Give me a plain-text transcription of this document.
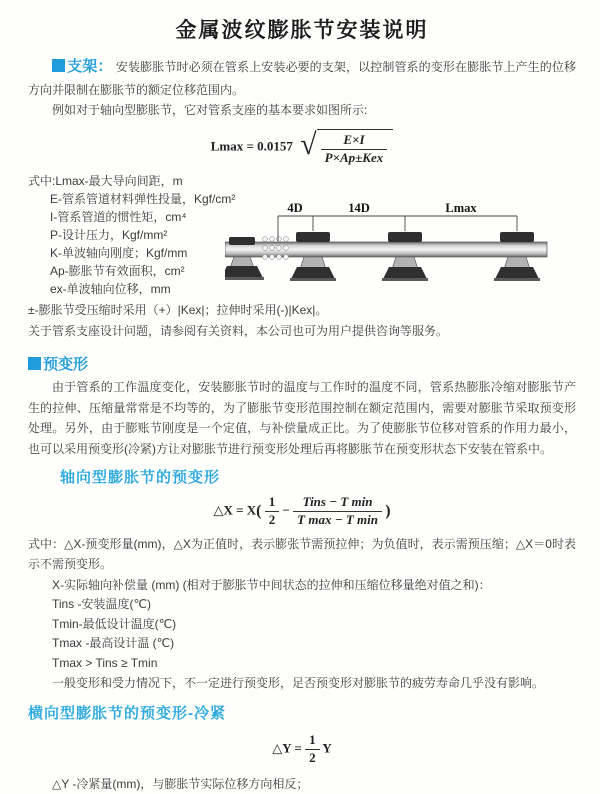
金属波纹膨胀节安装说明
支架： 安装膨胀节时必须在管系上安装必要的支架，以控制管系的变形在膨胀节上产生的位移方向并限制在膨胀节的额定位移范围内。
例如对于轴向型膨胀节，它对管系支座的基本要求如图所示:
Lmax = 0.0157 √ $\frac{E\times I}{\text{P×Ap±Kex}}$
式中:Lmax-最大导向间距，m
E-管系管道材料弹性投量，Kgf/cm²
I-管系管道的惯性矩，cm⁴
P-设计压力，Kgf/mm²
K-单波轴向刚度；Kgf/mm
Ap-膨胀节有效面积，cm²
ex-单波轴向位移，mm
4D	14D	Lmax
±-膨胀节受压缩时采用（+）|Kex|；拉伸时采用(-)|Kex|。
关于管系支座设计问题，请参阅有关资料，本公司也可为用户提供咨询等服务。
预变形
由于管系的工作温度变化，安装膨胀节时的温度与工作时的温度不同，管系热膨胀冷缩对膨胀节产生的拉伸、压缩量常常是不均等的，为了膨胀节变形范围控制在额定范围内，需要对膨胀节采取预变形处理。另外，由于膨账节刚度是一个定值，与补偿量成正比。为了使膨胀节位移对管系的作用力最小，也可以采用预变形(冷紧)方让对膨胀节进行预变形处理后再将膨胀节在预变形状态下安装在管系中。
轴向型膨胀节的预变形
△X = $X( \frac{1}{2} - \frac{\text{Tins − T min}}{\text{T max − T min}}$ )
式中：△X-预变形量(mm)，△X为正值时，表示膨张节需预拉伸；为负值时，表示需预压缩；△X＝0时表示不需预变形。
X-实际轴向补偿量 (mm) (相对于膨胀节中间状态的拉伸和压缩位移量绝对值之和)：
Tins -安装温度(℃)
Tmin-最低设计温度(℃)
Tmax -最高设计温 (℃)
Tmax > Tins ≥ Tmin
一般变形和受力情况下，不一定进行预变形，足否预变形对膨胀节的疲劳寿命几乎没有影响。
横向型膨胀节的预变形-冷紧
△Y = $\frac{1}{2}$ Y
△Y -冷紧量(mm)，与膨胀节实际位移方向相反；
